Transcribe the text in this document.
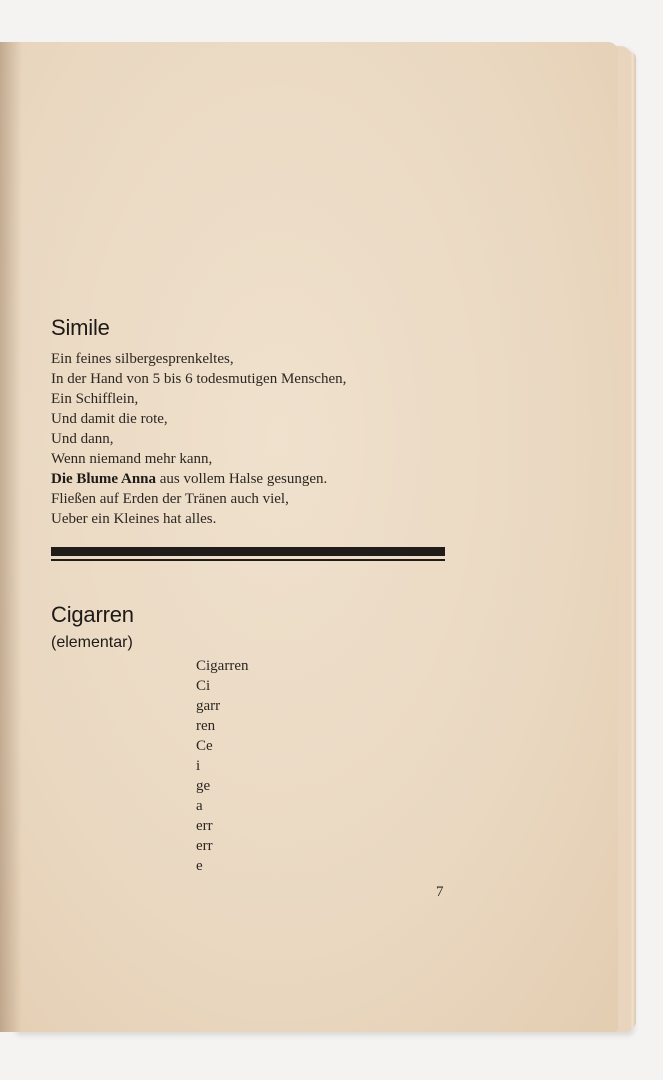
Simile
Ein feines silbergesprenkeltes,
In der Hand von 5 bis 6 todesmutigen Menschen,
Ein Schifflein,
Und damit die rote,
Und dann,
Wenn niemand mehr kann,
Die Blume Anna aus vollem Halse gesungen.
Fließen auf Erden der Tränen auch viel,
Ueber ein Kleines hat alles.
Cigarren
(elementar)
Cigarren
Ci
garr
ren
Ce
i
ge
a
err
err
e
7
